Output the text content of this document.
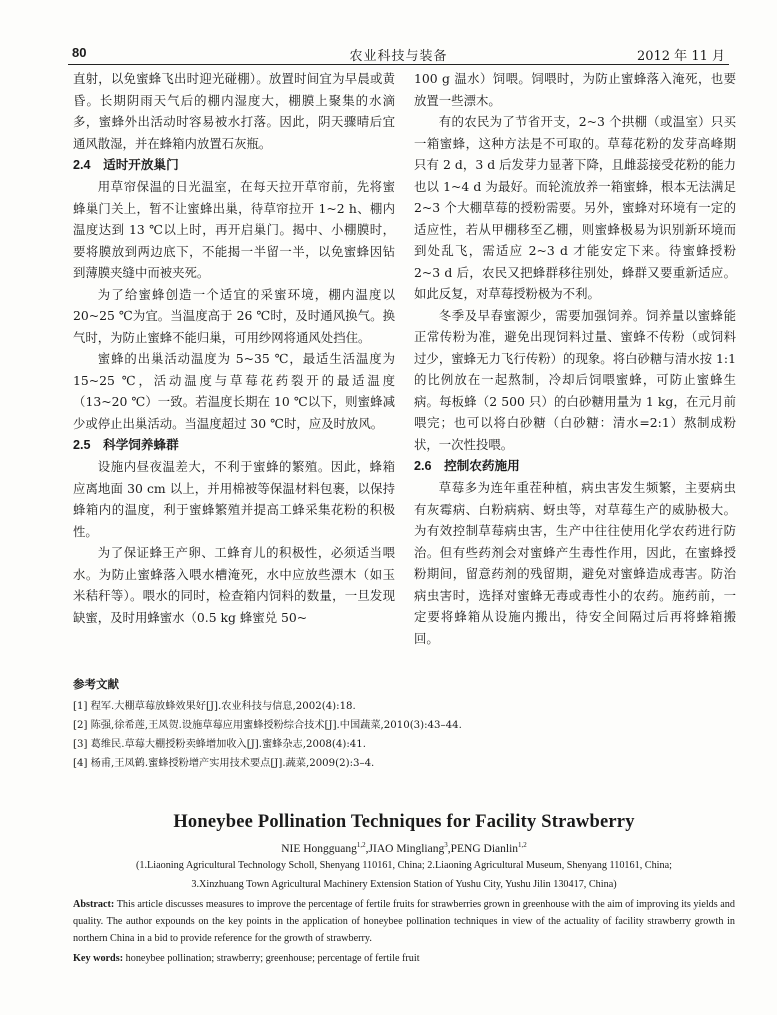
80	农业科技与装备	2012 年 11 月

直射，以免蜜蜂飞出时迎光碰棚）。放置时间宜为早晨或黄昏。长期阴雨天气后的棚内湿度大，棚膜上聚集的水滴多，蜜蜂外出活动时容易被水打落。因此，阴天骤晴后宜通风散湿，并在蜂箱内放置石灰瓶。

2.4　适时开放巢门

用草帘保温的日光温室，在每天拉开草帘前，先将蜜蜂巢门关上，暂不让蜜蜂出巢，待草帘拉开 1~2 h、棚内温度达到 13 ℃以上时，再开启巢门。揭中、小棚膜时，要将膜放到两边底下，不能揭一半留一半，以免蜜蜂因钻到薄膜夹缝中而被夹死。

为了给蜜蜂创造一个适宜的采蜜环境，棚内温度以 20~25 ℃为宜。当温度高于 26 ℃时，及时通风换气。换气时，为防止蜜蜂不能归巢，可用纱网将通风处挡住。

蜜蜂的出巢活动温度为 5~35 ℃，最适生活温度为 15~25 ℃，活动温度与草莓花药裂开的最适温度（13~20 ℃）一致。若温度长期在 10 ℃以下，则蜜蜂减少或停止出巢活动。当温度超过 30 ℃时，应及时放风。

2.5　科学饲养蜂群

设施内昼夜温差大，不利于蜜蜂的繁殖。因此，蜂箱应离地面 30 cm 以上，并用棉被等保温材料包裹，以保持蜂箱内的温度，利于蜜蜂繁殖并提高工蜂采集花粉的积极性。

为了保证蜂王产卵、工蜂育儿的积极性，必须适当喂水。为防止蜜蜂落入喂水槽淹死，水中应放些漂木（如玉米秸秆等）。喂水的同时，检查箱内饲料的数量，一旦发现缺蜜，及时用蜂蜜水（0.5 kg 蜂蜜兑 50~

100 g 温水）饲喂。饲喂时，为防止蜜蜂落入淹死，也要放置一些漂木。

有的农民为了节省开支，2~3 个拱棚（或温室）只买一箱蜜蜂，这种方法是不可取的。草莓花粉的发芽高峰期只有 2 d，3 d 后发芽力显著下降，且雌蕊接受花粉的能力也以 1~4 d 为最好。而轮流放养一箱蜜蜂，根本无法满足 2~3 个大棚草莓的授粉需要。另外，蜜蜂对环境有一定的适应性，若从甲棚移至乙棚，则蜜蜂极易为识别新环境而到处乱飞，需适应 2~3 d 才能安定下来。待蜜蜂授粉 2~3 d 后，农民又把蜂群移往别处，蜂群又要重新适应。如此反复，对草莓授粉极为不利。

冬季及早春蜜源少，需要加强饲养。饲养量以蜜蜂能正常传粉为准，避免出现饲料过量、蜜蜂不传粉（或饲料过少，蜜蜂无力飞行传粉）的现象。将白砂糖与清水按 1:1 的比例放在一起熬制，冷却后饲喂蜜蜂，可防止蜜蜂生病。每板蜂（2 500 只）的白砂糖用量为 1 kg，在元月前喂完；也可以将白砂糖（白砂糖：清水=2:1）熬制成粉状，一次性投喂。

2.6　控制农药施用

草莓多为连年重茬种植，病虫害发生频繁，主要病虫有灰霉病、白粉病病、蚜虫等，对草莓生产的威胁极大。为有效控制草莓病虫害，生产中往往使用化学农药进行防治。但有些药剂会对蜜蜂产生毒性作用，因此，在蜜蜂授粉期间，留意药剂的残留期，避免对蜜蜂造成毒害。防治病虫害时，选择对蜜蜂无毒或毒性小的农药。施药前，一定要将蜂箱从设施内搬出，待安全间隔过后再将蜂箱搬回。

参考文献
[1] 程军.大棚草莓放蜂效果好[J].农业科技与信息,2002(4):18.
[2] 陈强,徐希莲,王凤贺.设施草莓应用蜜蜂授粉综合技术[J].中国蔬菜,2010(3):43–44.
[3] 葛维民.草莓大棚授粉卖蜂增加收入[J].蜜蜂杂志,2008(4):41.
[4] 杨甫,王凤鹤.蜜蜂授粉增产实用技术要点[J].蔬菜,2009(2):3–4.
Honeybee Pollination Techniques for Facility Strawberry
NIE Hongguang$^{1,2}$,JIAO Mingliang$^3$,PENG Dianlin$^{1,2}$
(1.Liaoning Agricultural Technology Scholl, Shenyang 110161, China; 2.Liaoning Agricultural Museum, Shenyang 110161, China;
3.Xinzhuang Town Agricultural Machinery Extension Station of Yushu City, Yushu Jilin 130417, China)
Abstract: This article discusses measures to improve the percentage of fertile fruits for strawberries grown in greenhouse with the aim of improving its yields and quality. The author expounds on the key points in the application of honeybee pollination techniques in view of the actuality of facility strawberry growth in northern China in a bid to provide reference for the growth of strawberry.
Key words: honeybee pollination; strawberry; greenhouse; percentage of fertile fruit
